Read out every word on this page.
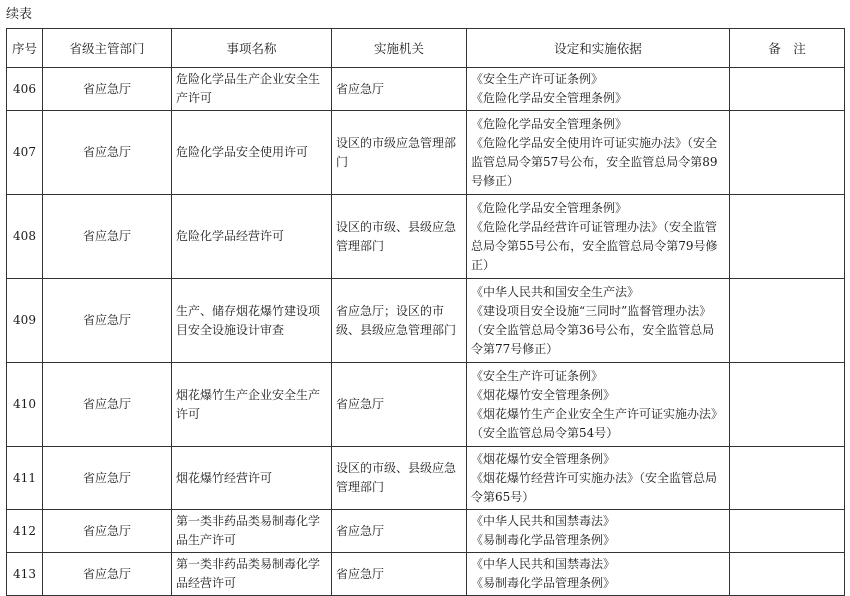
续表
序号	省级主管部门	事项名称	实施机关	设定和实施依据	备　注
406	省应急厅	危险化学品生产企业安全生产许可	省应急厅	《安全生产许可证条例》
《危险化学品安全管理条例》	

407	省应急厅	危险化学品安全使用许可	设区的市级应急管理部门	《危险化学品安全管理条例》
《危险化学品安全使用许可证实施办法》（安全监管总局令第57号公布，安全监管总局令第89号修正）	

408	省应急厅	危险化学品经营许可	设区的市级、县级应急管理部门	《危险化学品安全管理条例》
《危险化学品经营许可证管理办法》（安全监管总局令第55号公布，安全监管总局令第79号修正）	

409	省应急厅	生产、储存烟花爆竹建设项目安全设施设计审查	省应急厅；设区的市级、县级应急管理部门	《中华人民共和国安全生产法》
《建设项目安全设施“三同时”监督管理办法》（安全监管总局令第36号公布，安全监管总局令第77号修正）	

410	省应急厅	烟花爆竹生产企业安全生产许可	省应急厅	《安全生产许可证条例》
《烟花爆竹安全管理条例》
《烟花爆竹生产企业安全生产许可证实施办法》（安全监管总局令第54号）	

411	省应急厅	烟花爆竹经营许可	设区的市级、县级应急管理部门	《烟花爆竹安全管理条例》
《烟花爆竹经营许可实施办法》（安全监管总局令第65号）	

412	省应急厅	第一类非药品类易制毒化学品生产许可	省应急厅	《中华人民共和国禁毒法》
《易制毒化学品管理条例》	

413	省应急厅	第一类非药品类易制毒化学品经营许可	省应急厅	《中华人民共和国禁毒法》
《易制毒化学品管理条例》	
